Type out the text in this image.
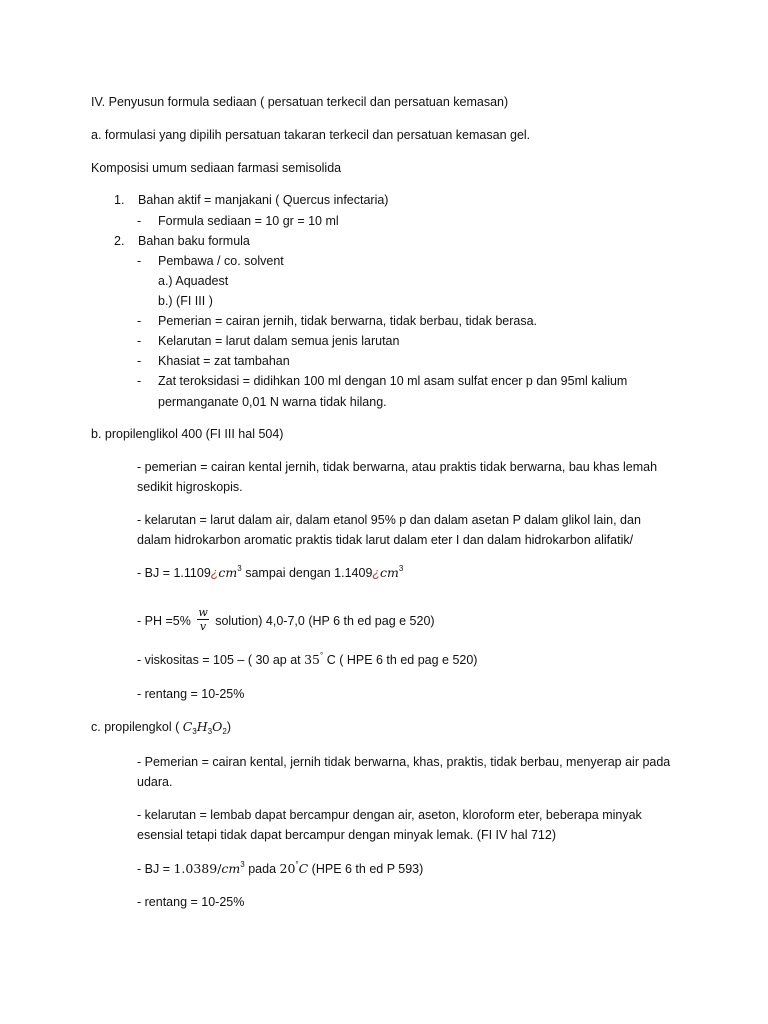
IV. Penyusun formula sediaan ( persatuan terkecil dan persatuan kemasan)
a. formulasi yang dipilih persatuan takaran terkecil dan persatuan kemasan gel.
Komposisi umum sediaan farmasi semisolida
1. Bahan aktif = manjakani ( Quercus infectaria)
- Formula sediaan = 10 gr = 10 ml
2. Bahan baku formula
- Pembawa / co. solvent
a.) Aquadest
b.) (FI III )
- Pemerian = cairan jernih, tidak berwarna, tidak berbau, tidak berasa.
- Kelarutan = larut dalam semua jenis larutan
- Khasiat = zat tambahan
- Zat teroksidasi = didihkan 100 ml dengan 10 ml asam sulfat encer p dan 95ml kalium
permanganate 0,01 N warna tidak hilang.
b. propilenglikol 400 (FI III hal 504)
- pemerian = cairan kental jernih, tidak berwarna, atau praktis tidak berwarna, bau khas lemah
sedikit higroskopis.
- kelarutan = larut dalam air, dalam etanol 95% p dan dalam asetan P dalam glikol lain, dan
dalam hidrokarbon aromatic praktis tidak larut dalam eter I dan dalam hidrokarbon alifatik/
- BJ = $1.1109¿cm^3$ sampai dengan $1.1409¿cm^3$
- PH $=5\% \frac{w}{v}$ solution) 4,0-7,0 (HP 6 th ed pag e 520)
- viskositas = 105 – ( 30 ap at 35° C ( HPE 6 th ed pag e 520)
- rentang = 10-25%
c. propilengkol ( $C_3H_3O_2$)
- Pemerian = cairan kental, jernih tidak berwarna, khas, praktis, tidak berbau, menyerap air pada
udara.
- kelarutan = lembab dapat bercampur dengan air, aseton, kloroform eter, beberapa minyak
esensial tetapi tidak dapat bercampur dengan minyak lemak. (FI IV hal 712)
- BJ = $1.0389/cm^3$ pada 20°C (HPE 6 th ed P 593)
- rentang = 10-25%
